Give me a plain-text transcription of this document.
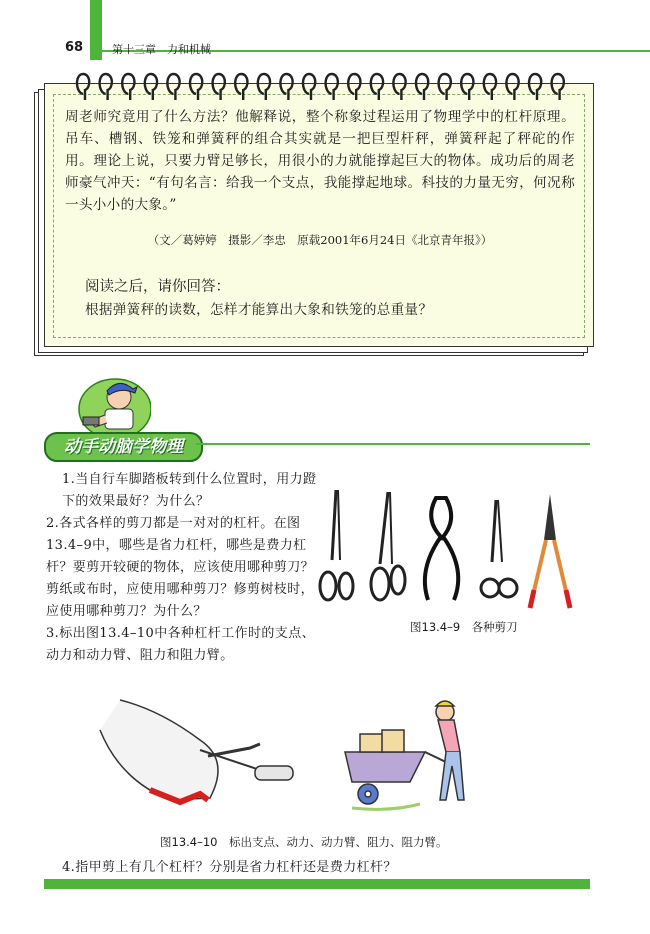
68	第十三章　力和机械
周老师究竟用了什么方法？他解释说，整个称象过程运用了物理学中的杠杆原理。吊车、槽钢、铁笼和弹簧秤的组合其实就是一把巨型杆秤，弹簧秤起了秤砣的作用。理论上说，只要力臂足够长，用很小的力就能撑起巨大的物体。成功后的周老师豪气冲天：“有句名言：给我一个支点，我能撑起地球。科技的力量无穷，何况称一头小小的大象。”
（文／葛婷婷　摄影／李忠　原载2001年6月24日《北京青年报》）
阅读之后，请你回答：
根据弹簧秤的读数，怎样才能算出大象和铁笼的总重量？
动手动脑学物理
1.当自行车脚踏板转到什么位置时，用力蹬下的效果最好？为什么？
2.各式各样的剪刀都是一对对的杠杆。在图13.4–9中，哪些是省力杠杆，哪些是费力杠杆？要剪开较硬的物体，应该使用哪种剪刀？剪纸或布时，应使用哪种剪刀？修剪树枝时，应使用哪种剪刀？为什么？
3.标出图13.4–10中各种杠杆工作时的支点、动力和动力臂、阻力和阻力臂。
图13.4–9　各种剪刀
图13.4–10　标出支点、动力、动力臂、阻力、阻力臂。
4.指甲剪上有几个杠杆？分别是省力杠杆还是费力杠杆？
